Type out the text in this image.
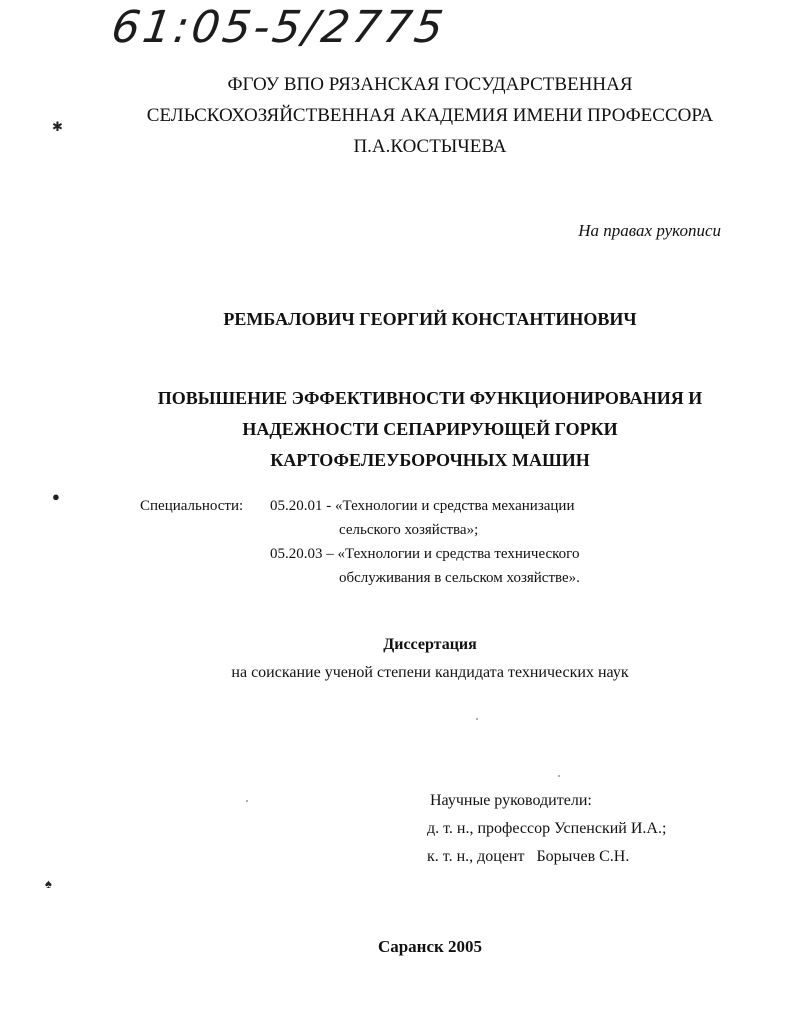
61:05-5/2775
✱
●
♠
ФГОУ ВПО РЯЗАНСКАЯ ГОСУДАРСТВЕННАЯ
СЕЛЬСКОХОЗЯЙСТВЕННАЯ АКАДЕМИЯ ИМЕНИ ПРОФЕССОРА
П.А.КОСТЫЧЕВА
На правах рукописи
РЕМБАЛОВИЧ ГЕОРГИЙ КОНСТАНТИНОВИЧ
ПОВЫШЕНИЕ ЭФФЕКТИВНОСТИ ФУНКЦИОНИРОВАНИЯ И
НАДЕЖНОСТИ СЕПАРИРУЮЩЕЙ ГОРКИ
КАРТОФЕЛЕУБОРОЧНЫХ МАШИН
Специальности: 05.20.01 - «Технологии и средства механизации
сельского хозяйства»;
05.20.03 – «Технологии и средства технического
обслуживания в сельском хозяйстве».
Диссертация
на соискание ученой степени кандидата технических наук
Научные руководители:
д. т. н., профессор Успенский И.А.;
к. т. н., доцент   Борычев С.Н.
Саранск 2005
